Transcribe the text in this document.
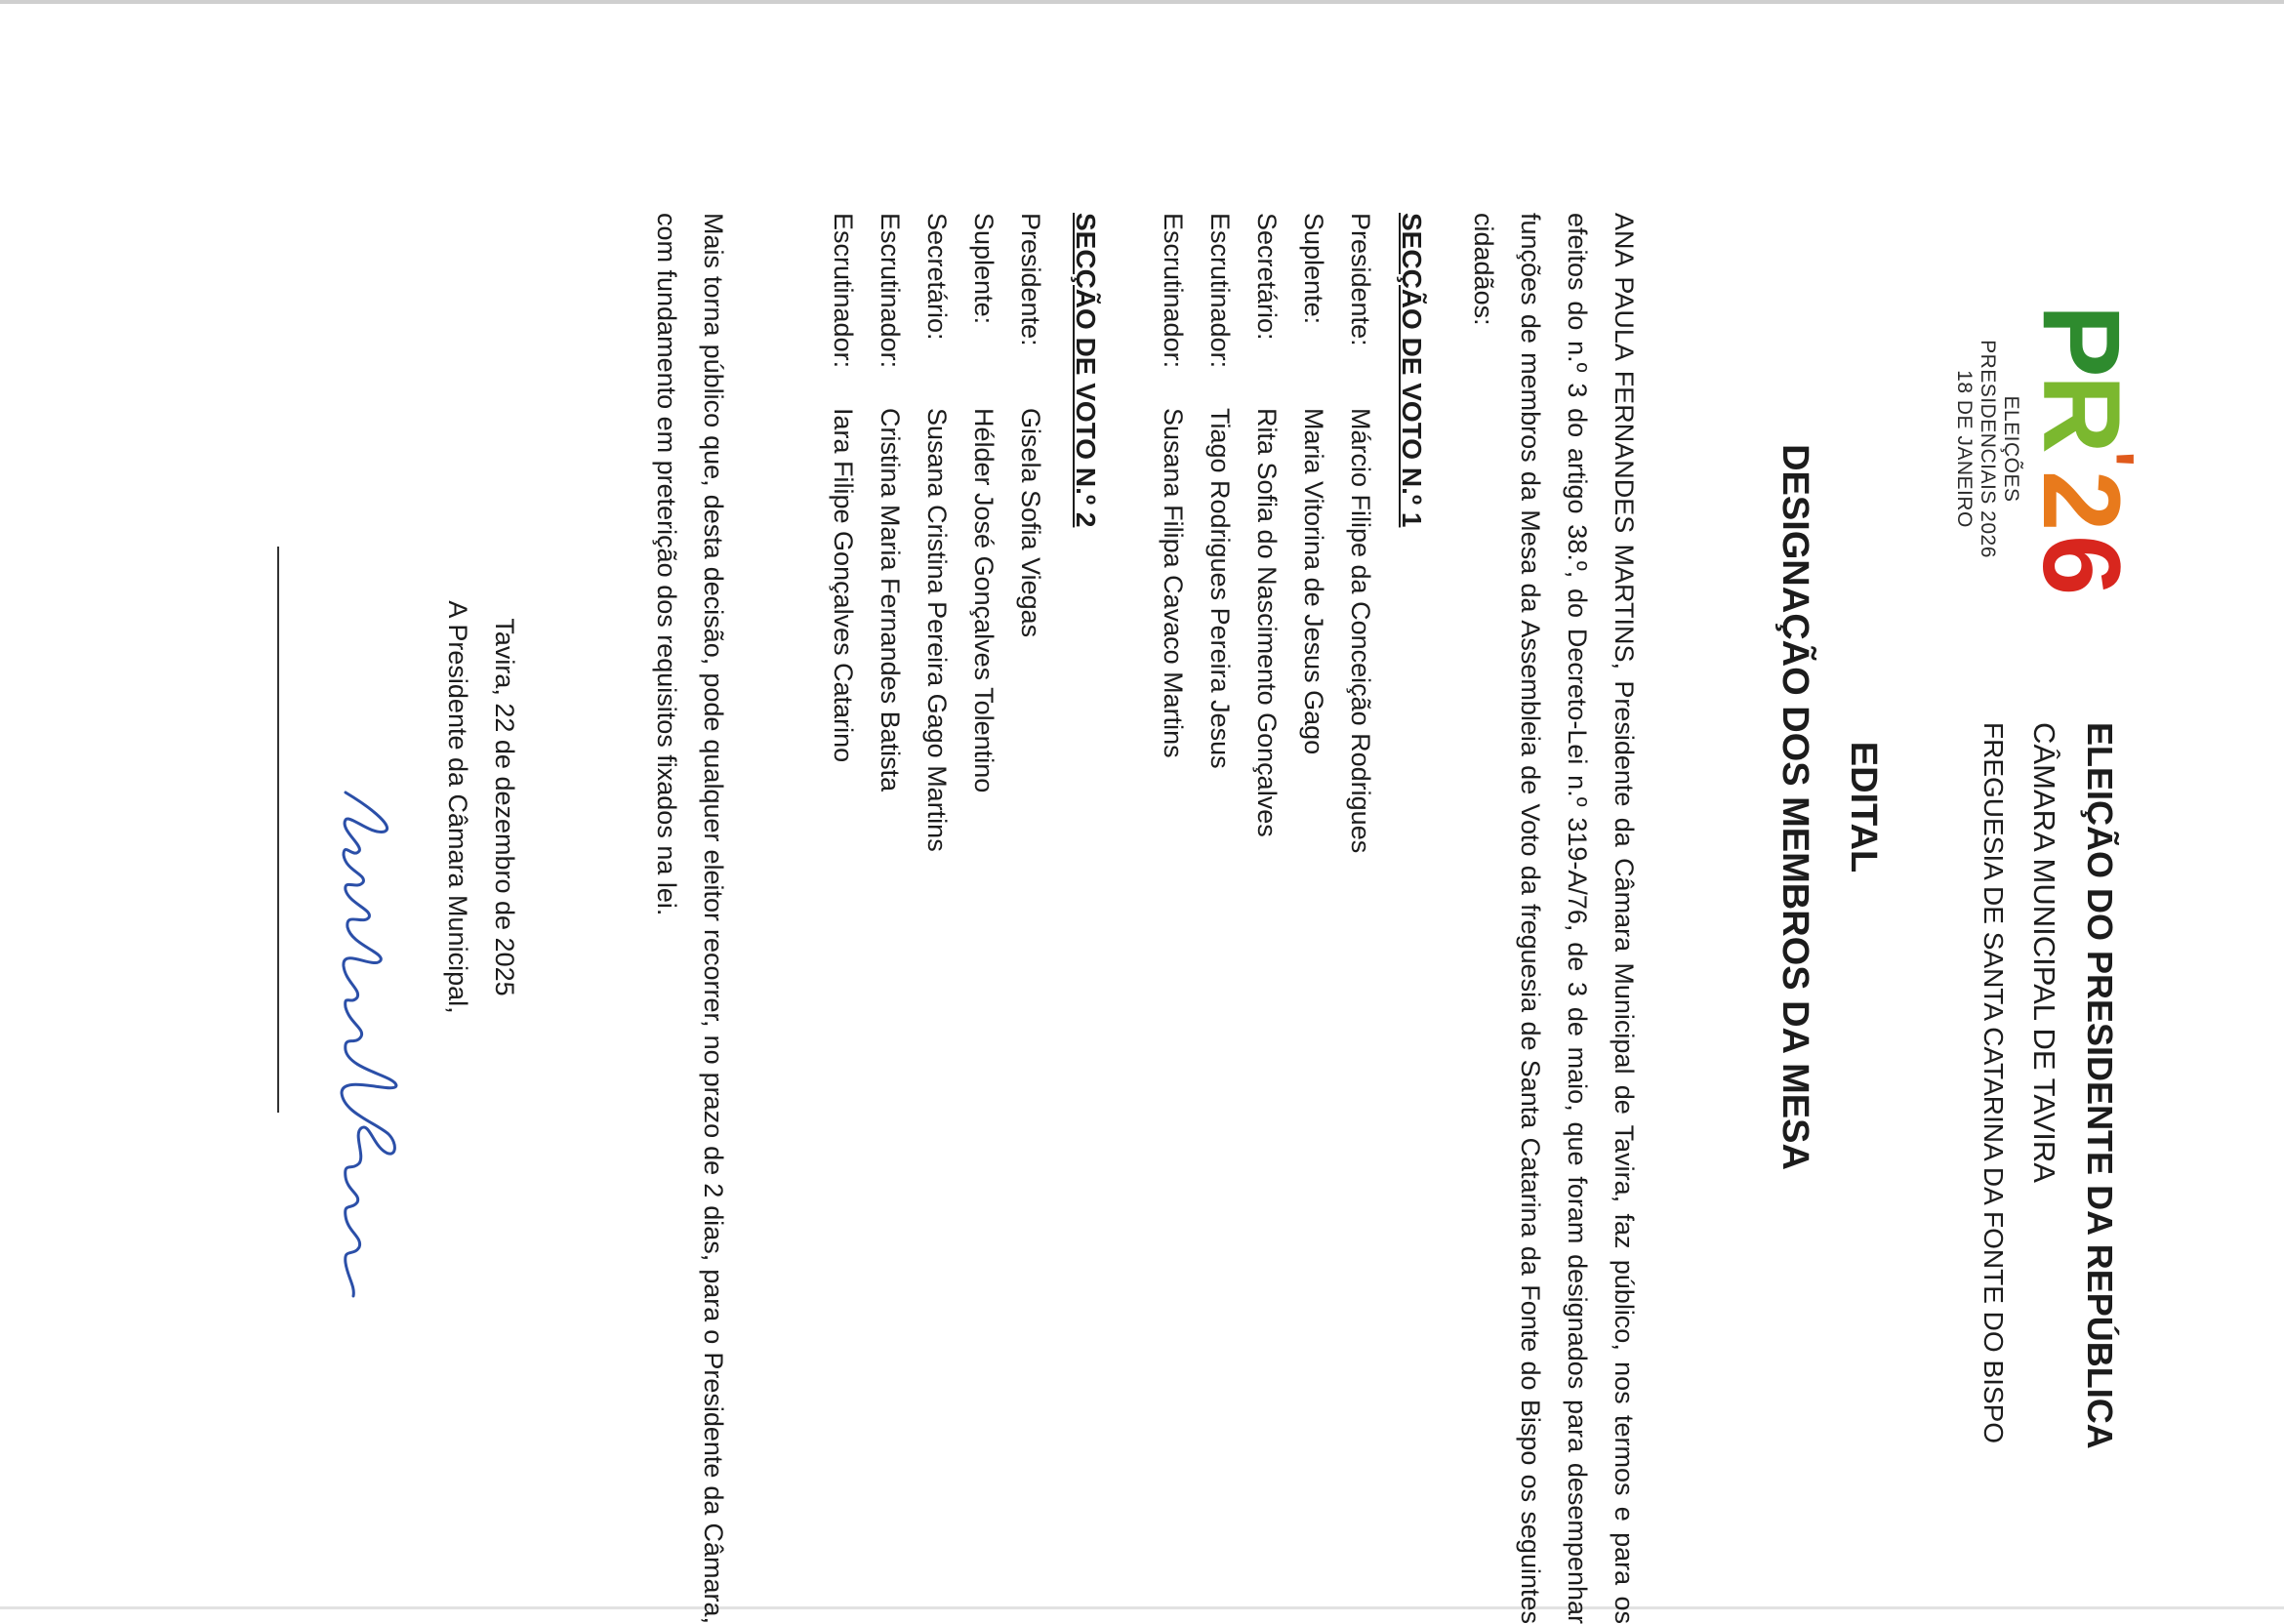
P
R
'
2
6
ELEIÇÕES
PRESIDENCIAIS 2026
18 DE JANEIRO
ELEIÇÃO DO PRESIDENTE DA REPÚBLICA
CÂMARA MUNICIPAL DE TAVIRA
FREGUESIA DE SANTA CATARINA DA FONTE DO BISPO
EDITAL
DESIGNAÇÃO DOS MEMBROS DA MESA
ANA PAULA FERNANDES MARTINS, Presidente da Câmara Municipal de Tavira, faz público, nos termos e para os efeitos do n.º 3 do artigo 38.º, do Decreto-Lei n.º 319-A/76, de 3 de maio, que foram designados para desempenhar funções de membros da Mesa da Assembleia de Voto da freguesia de Santa Catarina da Fonte do Bispo os seguintes cidadãos:
SECÇÃO DE VOTO N.º 1
Presidente:Márcio Filipe da Conceição Rodrigues
Suplente:Maria Vitorina de Jesus Gago
Secretário:Rita Sofia do Nascimento Gonçalves
Escrutinador:Tiago Rodrigues Pereira Jesus
Escrutinador:Susana Filipa Cavaco Martins
SECÇÃO DE VOTO N.º 2
Presidente:Gisela Sofia Viegas
Suplente:Hélder José Gonçalves Tolentino
Secretário:Susana Cristina Pereira Gago Martins
Escrutinador:Cristina Maria Fernandes Batista
Escrutinador:Iara Filipe Gonçalves Catarino
Mais torna público que, desta decisão, pode qualquer eleitor recorrer, no prazo de 2 dias, para o Presidente da Câmara, com fundamento em preterição dos requisitos fixados na lei.
Tavira, 22 de dezembro de 2025
A Presidente da Câmara Municipal,
